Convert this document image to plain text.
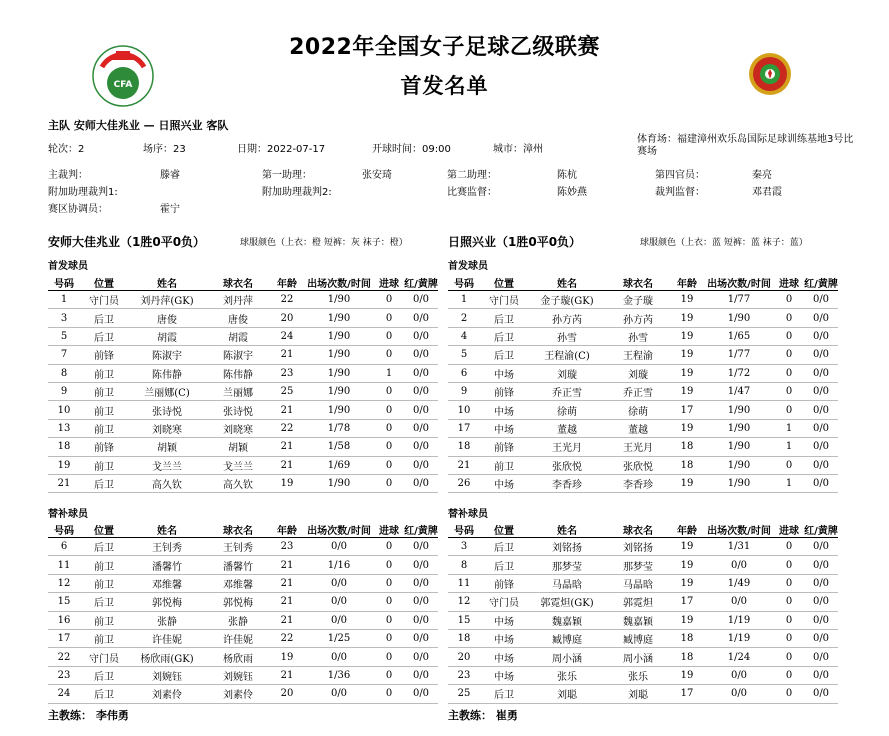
CFA
2022年全国女子足球乙级联赛
首发名单
主队 安师大佳兆业 — 日照兴业 客队
轮次：2	场序：23	日期：2022-07-17	开球时间：09:00	城市：漳州
体育场：福建漳州欢乐岛国际足球训练基地3号比赛场
主裁判：	滕睿	第一助理：	张安琦	第二助理：	陈杭	第四官员：	秦亮
附加助理裁判1:	附加助理裁判2:	比赛监督：	陈妙燕	裁判监督：	邓君霞
赛区协调员：	霍宁
安师大佳兆业（1胜0平0负）	球服颜色（上衣：橙 短裤：灰 袜子：橙）	日照兴业（1胜0平0负）	球服颜色（上衣：蓝 短裤：蓝 袜子：蓝）
首发球员	首发球员
替补球员	替补球员
号码	位置	姓名	球衣名	年龄	出场次数/时间	进球	红/黄牌
1	守门员	刘丹萍(GK)	刘丹萍	22	1/90	0	0/0
3	后卫	唐俊	唐俊	20	1/90	0	0/0
5	后卫	胡霞	胡霞	24	1/90	0	0/0
7	前锋	陈淑宇	陈淑宇	21	1/90	0	0/0
8	前卫	陈伟静	陈伟静	23	1/90	1	0/0
9	前卫	兰丽娜(C)	兰丽娜	25	1/90	0	0/0
10	前卫	张诗悦	张诗悦	21	1/90	0	0/0
13	前卫	刘晓寒	刘晓寒	22	1/78	0	0/0
18	前锋	胡颖	胡颖	21	1/58	0	0/0
19	前卫	戈兰兰	戈兰兰	21	1/69	0	0/0
21	后卫	高久钦	高久钦	19	1/90	0	0/0
号码	位置	姓名	球衣名	年龄	出场次数/时间	进球	红/黄牌
1	守门员	金子璇(GK)	金子璇	19	1/77	0	0/0
2	后卫	孙方芮	孙方芮	19	1/90	0	0/0
4	后卫	孙雪	孙雪	19	1/65	0	0/0
5	后卫	王程渝(C)	王程渝	19	1/77	0	0/0
6	中场	刘璇	刘璇	19	1/72	0	0/0
9	前锋	乔正雪	乔正雪	19	1/47	0	0/0
10	中场	徐萌	徐萌	17	1/90	0	0/0
17	中场	董越	董越	19	1/90	1	0/0
18	前锋	王光月	王光月	18	1/90	1	0/0
21	前卫	张欣悦	张欣悦	18	1/90	0	0/0
26	中场	李香珍	李香珍	19	1/90	1	0/0
号码	位置	姓名	球衣名	年龄	出场次数/时间	进球	红/黄牌
6	后卫	王钊秀	王钊秀	23	0/0	0	0/0
11	前卫	潘馨竹	潘馨竹	21	1/16	0	0/0
12	前卫	邓维馨	邓维馨	21	0/0	0	0/0
15	后卫	郭悦梅	郭悦梅	21	0/0	0	0/0
16	前卫	张静	张静	21	0/0	0	0/0
17	前卫	许佳妮	许佳妮	22	1/25	0	0/0
22	守门员	杨欣雨(GK)	杨欣雨	19	0/0	0	0/0
23	后卫	刘婉钰	刘婉钰	21	1/36	0	0/0
24	后卫	刘素伶	刘素伶	20	0/0	0	0/0
号码	位置	姓名	球衣名	年龄	出场次数/时间	进球	红/黄牌
3	后卫	刘铭扬	刘铭扬	19	1/31	0	0/0
8	后卫	那梦莹	那梦莹	19	0/0	0	0/0
11	前锋	马晶晗	马晶晗	19	1/49	0	0/0
12	守门员	郭霓炟(GK)	郭霓炟	17	0/0	0	0/0
15	中场	魏嘉颖	魏嘉颖	19	1/19	0	0/0
18	中场	臧博庭	臧博庭	18	1/19	0	0/0
20	中场	周小涵	周小涵	18	1/24	0	0/0
23	中场	张乐	张乐	19	0/0	0	0/0
25	后卫	刘聪	刘聪	17	0/0	0	0/0
主教练： 李伟勇	主教练： 崔勇
